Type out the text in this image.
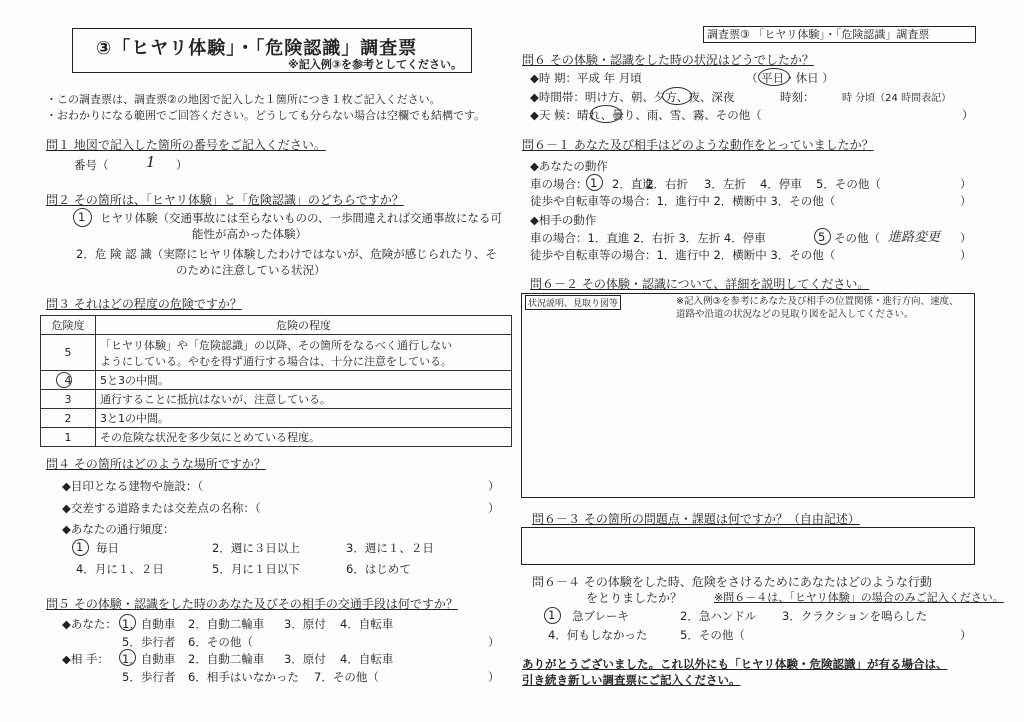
③「ヒヤリ体験」・「危険認識」調査票
※記入例③を参考としてください。
・この調査票は、調査票②の地図で記入した１箇所につき１枚ご記入ください。
・おわかりになる範囲でご回答ください。どうしても分らない場合は空欄でも結構です。
問１ 地図で記入した箇所の番号をご記入ください。
番号（	1 ）
問２ その箇所は、「ヒヤリ体験」と「危険認識」のどちらですか？
1 ヒヤリ体験（交通事故には至らないものの、一歩間違えれば交通事故になる可
能性が高かった体験）
2．危 険 認 識（実際にヒヤリ体験したわけではないが、危険が感じられたり、そ
のために注意している状況）
問３ それはどの程度の危険ですか？
危険度	危険の程度
5	「ヒヤリ体験」や「危険認識」の以降、その箇所をなるべく通行しない
ようにしている。やむを得ず通行する場合は、十分に注意をしている。

4	5と3の中間。
3	通行することに抵抗はないが、注意している。
2	3と1の中間。
1	その危険な状況を多少気にとめている程度。
問４ その箇所はどのような場所ですか？
◆目印となる建物や施設：（	）
◆交差する道路または交差点の名称：（	）
◆あなたの通行頻度：
1 毎日	2．週に３日以上	3．週に１、２日
4．月に１、２日	5．月に１日以下	6．はじめて
問５ その体験・認識をした時のあなた及びその相手の交通手段は何ですか？
◆あなた： 1．自動車 2．自動二輪車 3．原付 4．自転車
5．歩行者 6．その他（	）
◆相 手： 1．自動車 2．自動二輪車 3．原付 4．自転車
5．歩行者 6．相手はいなかった 7．その他（	）
調査票③ 「ヒヤリ体験」・「危険認識」調査票
問６ その体験・認識をした時の状況はどうでしたか？
◆時 期：平成 年 月頃	（ 平日・休日 ）
◆時間帯：明け方、朝、夕方、夜、深夜	時刻：	時 分頃（24 時間表記）
◆天 候：晴れ、曇り、雨、雪、霧、その他（	）
問６－１ あなた及び相手はどのような動作をとっていましたか？
◆あなたの動作
車の場合： 1 2．直進
2．右折 3．左折 4．停車 5．その他（	）
徒歩や自転車等の場合：1．進行中 2．横断中 3．その他（	）
◆相手の動作
車の場合：1．直進 2．右折 3．左折 4．停車	5 その他（ 進路変更 ）
徒歩や自転車等の場合：1．進行中 2．横断中 3．その他（	）
問６－２ その体験・認識について、詳細を説明してください。
状況説明、見取り図等	※記入例③を参考にあなた及び相手の位置関係・進行方向、速度、道路や沿道の状況などの見取り図を記入してください。
問６－３ その箇所の問題点・課題は何ですか？（自由記述）
問６－４ その体験をした時、危険をさけるためにあなたはどのような行動
をとりましたか？	※問６－４は、「ヒヤリ体験」の場合のみご記入ください。
1 急ブレーキ	2．急ハンドル 3．クラクションを鳴らした
4．何もしなかった	5．その他（	）
ありがとうございました。これ以外にも「ヒヤリ体験・危険認識」が有る場合は、
引き続き新しい調査票にご記入ください。
